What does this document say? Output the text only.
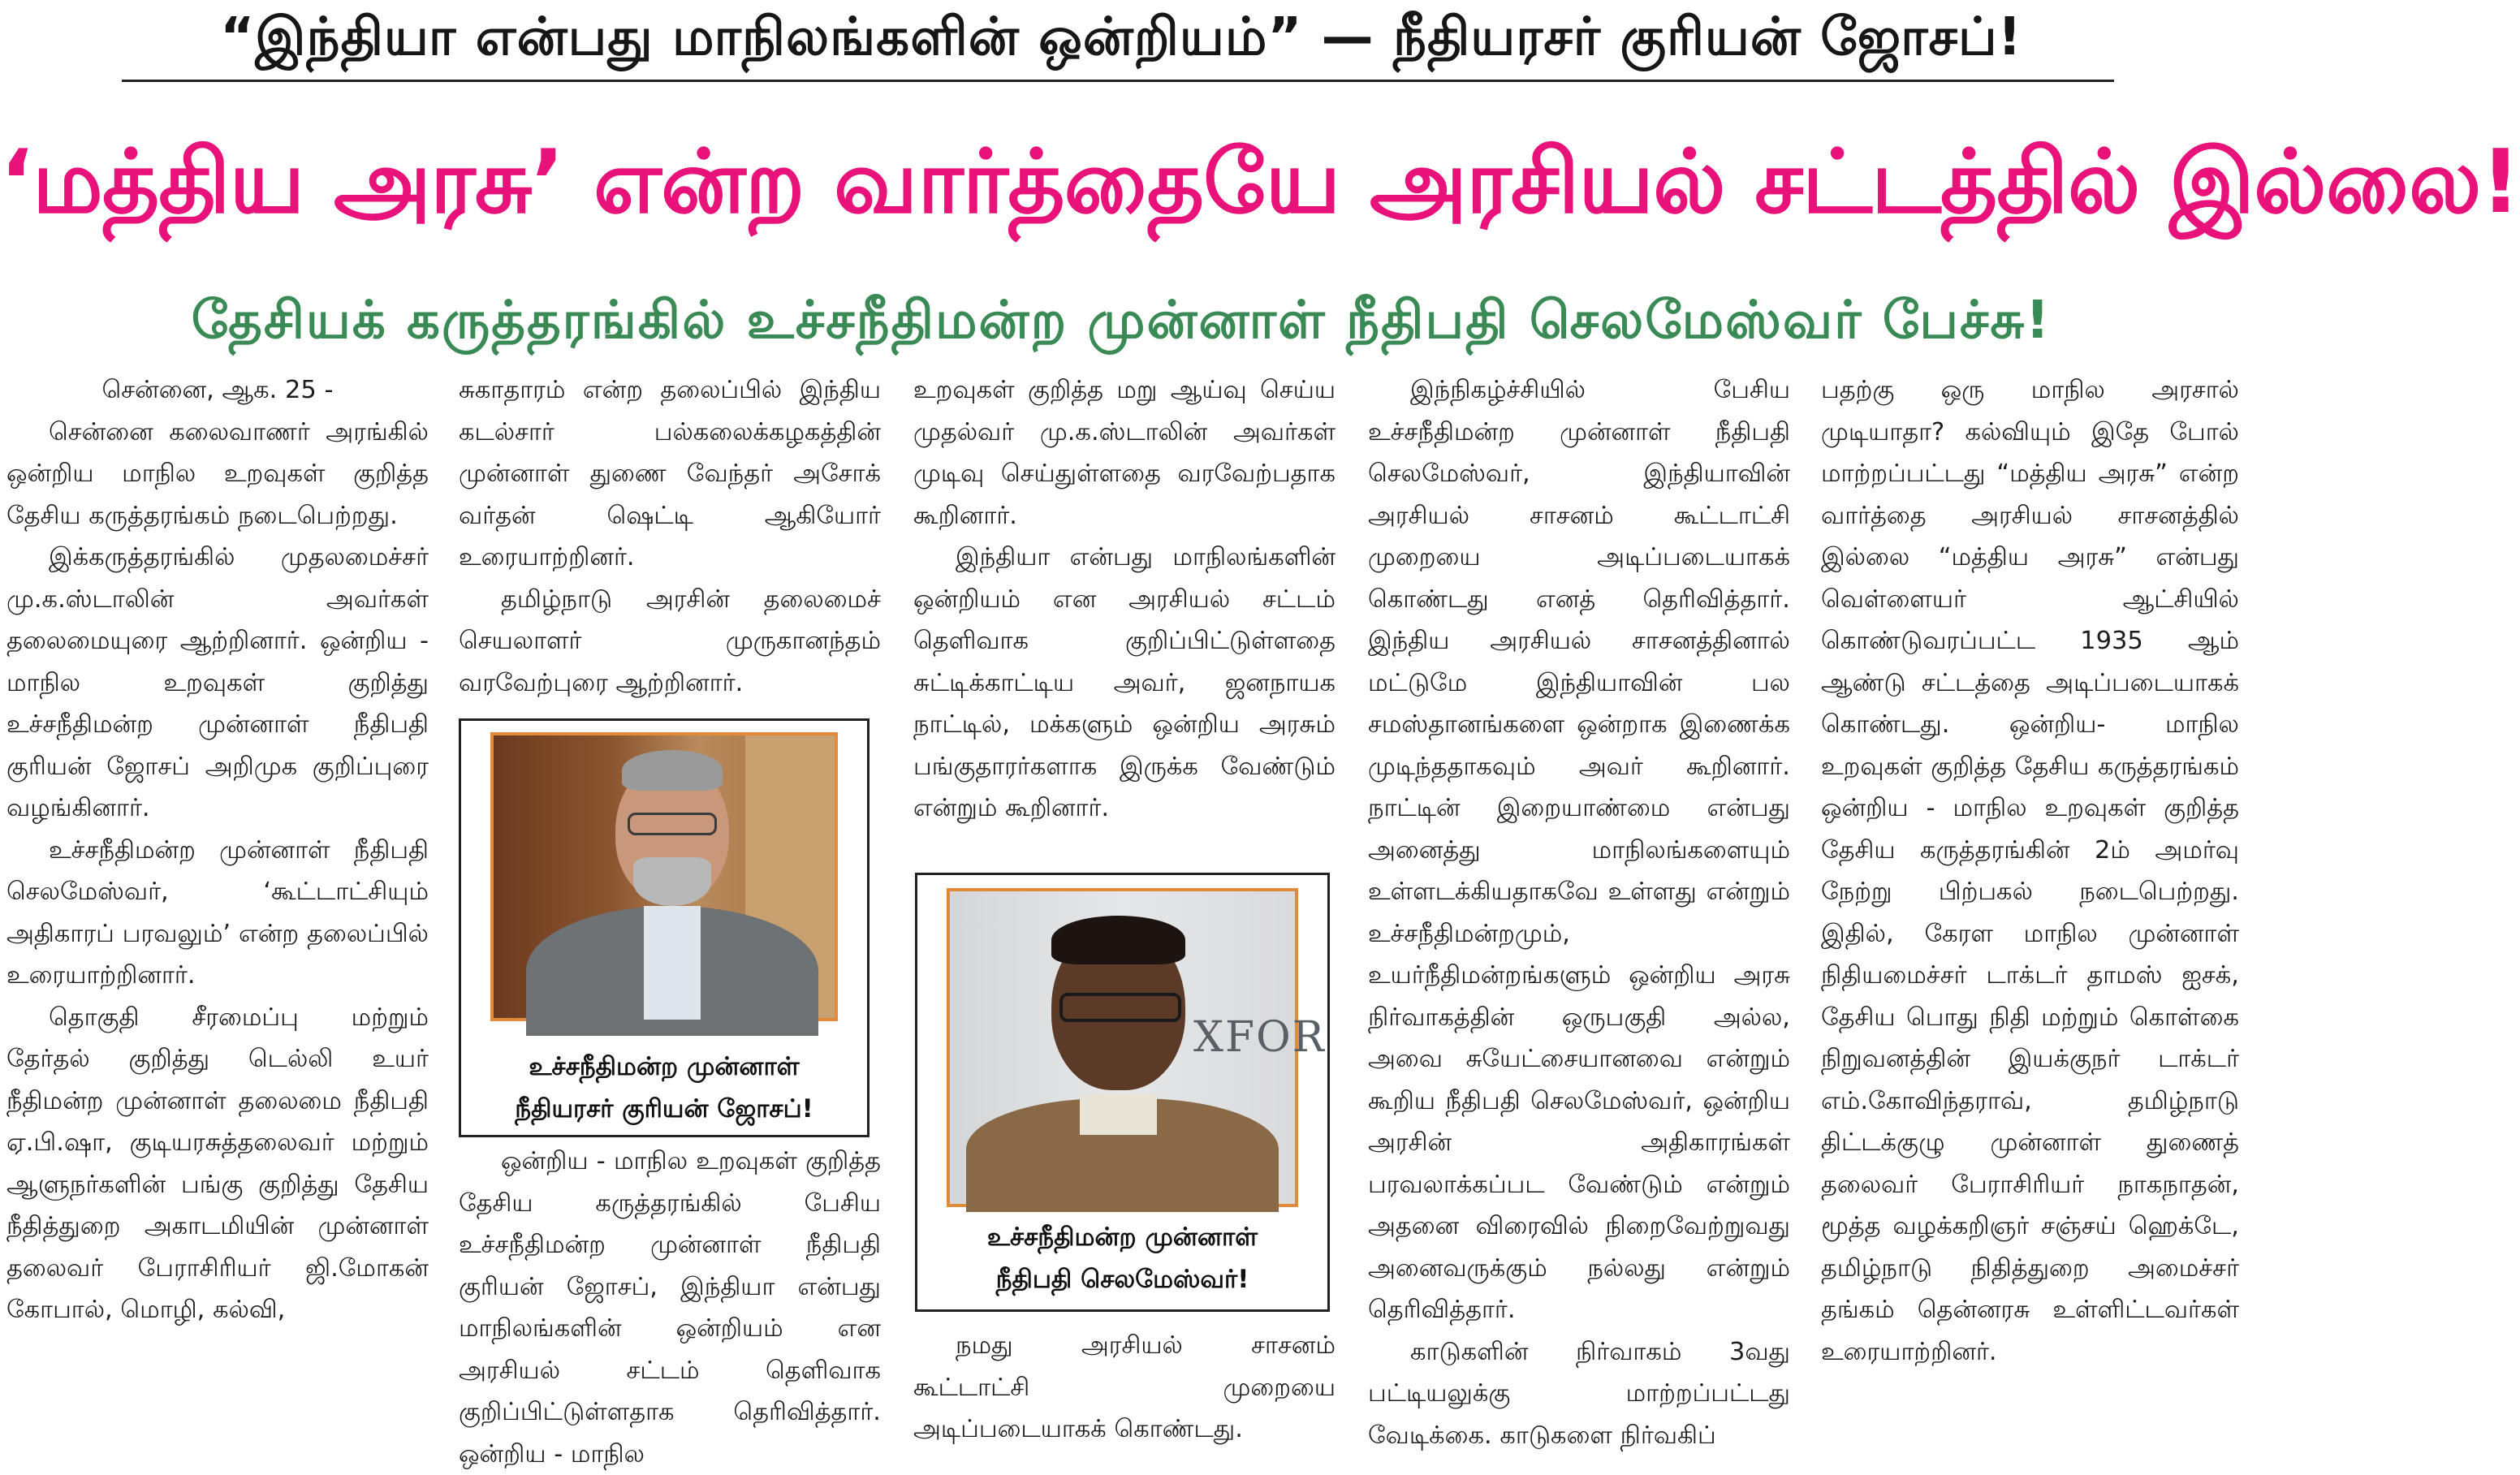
“இந்தியா என்பது மாநிலங்களின் ஒன்றியம்” — நீதியரசர் குரியன் ஜோசப்!
‘மத்திய அரசு’ என்ற வார்த்தையே அரசியல் சட்டத்தில் இல்லை!
தேசியக் கருத்தரங்கில் உச்சநீதிமன்ற முன்னாள் நீதிபதி செலமேஸ்வர் பேச்சு!

சென்னை, ஆக. 25 -

சென்னை கலைவாணர் அரங்கில் ஒன்றிய மாநில உறவுகள் குறித்த தேசிய கருத்தரங்கம் நடைபெற்றது.

இக்கருத்தரங்கில் முதலமைச்சர் மு.க.ஸ்டாலின் அவர்கள் தலைமையுரை ஆற்றினார். ஒன்றிய - மாநில உறவுகள் குறித்து உச்சநீதிமன்ற முன்னாள் நீதிபதி குரியன் ஜோசப் அறிமுக குறிப்புரை வழங்கினார்.

உச்சநீதிமன்ற முன்னாள் நீதிபதி செலமேஸ்வர், ‘கூட்டாட்சியும் அதிகாரப் பரவலும்’ என்ற தலைப்பில் உரையாற்றினார்.

தொகுதி சீரமைப்பு மற்றும் தேர்தல் குறித்து டெல்லி உயர் நீதிமன்ற முன்னாள் தலைமை நீதிபதி ஏ.பி.ஷா, குடியரசுத்தலைவர் மற்றும் ஆளுநர்களின் பங்கு குறித்து தேசிய நீதித்துறை அகாடமியின் முன்னாள் தலைவர் பேராசிரியர் ஜி.மோகன் கோபால், மொழி, கல்வி,

சுகாதாரம் என்ற தலைப்பில் இந்திய கடல்சார் பல்கலைக்கழகத்தின் முன்னாள் துணை வேந்தர் அசோக் வர்தன் ஷெட்டி ஆகியோர் உரையாற்றினர்.

தமிழ்நாடு அரசின் தலைமைச் செயலாளர் முருகானந்தம் வரவேற்புரை ஆற்றினார்.

ஒன்றிய - மாநில உறவுகள் குறித்த தேசிய கருத்தரங்கில் பேசிய உச்சநீதிமன்ற முன்னாள் நீதிபதி குரியன் ஜோசப், இந்தியா என்பது மாநிலங்களின் ஒன்றியம் என அரசியல் சட்டம் தெளிவாக குறிப்பிட்டுள்ளதாக தெரிவித்தார். ஒன்றிய - மாநில

உச்சநீதிமன்ற முன்னாள்
நீதியரசர் குரியன் ஜோசப்!

உறவுகள் குறித்த மறு ஆய்வு செய்ய முதல்வர் மு.க.ஸ்டாலின் அவர்கள் முடிவு செய்துள்ளதை வரவேற்பதாக கூறினார்.

இந்தியா என்பது மாநிலங்களின் ஒன்றியம் என அரசியல் சட்டம் தெளிவாக குறிப்பிட்டுள்ளதை சுட்டிக்காட்டிய அவர், ஜனநாயக நாட்டில், மக்களும் ஒன்றிய அரசும் பங்குதாரர்களாக இருக்க வேண்டும் என்றும் கூறினார்.

நமது அரசியல் சாசனம் கூட்டாட்சி முறையை அடிப்படையாகக் கொண்டது.

XFOR
உச்சநீதிமன்ற முன்னாள்
நீதிபதி செலமேஸ்வர்!

இந்நிகழ்ச்சியில் பேசிய உச்சநீதிமன்ற முன்னாள் நீதிபதி செலமேஸ்வர், இந்தியாவின் அரசியல் சாசனம் கூட்டாட்சி முறையை அடிப்படையாகக் கொண்டது எனத் தெரிவித்தார். இந்திய அரசியல் சாசனத்தினால் மட்டுமே இந்தியாவின் பல சமஸ்தானங்களை ஒன்றாக இணைக்க முடிந்ததாகவும் அவர் கூறினார். நாட்டின் இறையாண்மை என்பது அனைத்து மாநிலங்களையும் உள்ளடக்கியதாகவே உள்ளது என்றும் உச்சநீதிமன்றமும், உயர்நீதிமன்றங்களும் ஒன்றிய அரசு நிர்வாகத்தின் ஒருபகுதி அல்ல, அவை சுயேட்சையானவை என்றும் கூறிய நீதிபதி செலமேஸ்வர், ஒன்றிய அரசின் அதிகாரங்கள் பரவலாக்கப்பட வேண்டும் என்றும் அதனை விரைவில் நிறைவேற்றுவது அனைவருக்கும் நல்லது என்றும் தெரிவித்தார்.

காடுகளின் நிர்வாகம் 3வது பட்டியலுக்கு மாற்றப்பட்டது வேடிக்கை. காடுகளை நிர்வகிப்

பதற்கு ஒரு மாநில அரசால் முடியாதா? கல்வியும் இதே போல் மாற்றப்பட்டது “மத்திய அரசு” என்ற வார்த்தை அரசியல் சாசனத்தில் இல்லை “மத்திய அரசு” என்பது வெள்ளையர் ஆட்சியில் கொண்டுவரப்பட்ட 1935 ஆம் ஆண்டு சட்டத்தை அடிப்படையாகக் கொண்டது. ஒன்றிய- மாநில உறவுகள் குறித்த தேசிய கருத்தரங்கம் ஒன்றிய - மாநில உறவுகள் குறித்த தேசிய கருத்தரங்கின் 2ம் அமர்வு நேற்று பிற்பகல் நடைபெற்றது. இதில், கேரள மாநில முன்னாள் நிதியமைச்சர் டாக்டர் தாமஸ் ஐசக், தேசிய பொது நிதி மற்றும் கொள்கை நிறுவனத்தின் இயக்குநர் டாக்டர் எம்.கோவிந்தராவ், தமிழ்நாடு திட்டக்குழு முன்னாள் துணைத் தலைவர் பேராசிரியர் நாகநாதன், மூத்த வழக்கறிஞர் சஞ்சய் ஹெக்டே, தமிழ்நாடு நிதித்துறை அமைச்சர் தங்கம் தென்னரசு உள்ளிட்டவர்கள் உரையாற்றினர்.
